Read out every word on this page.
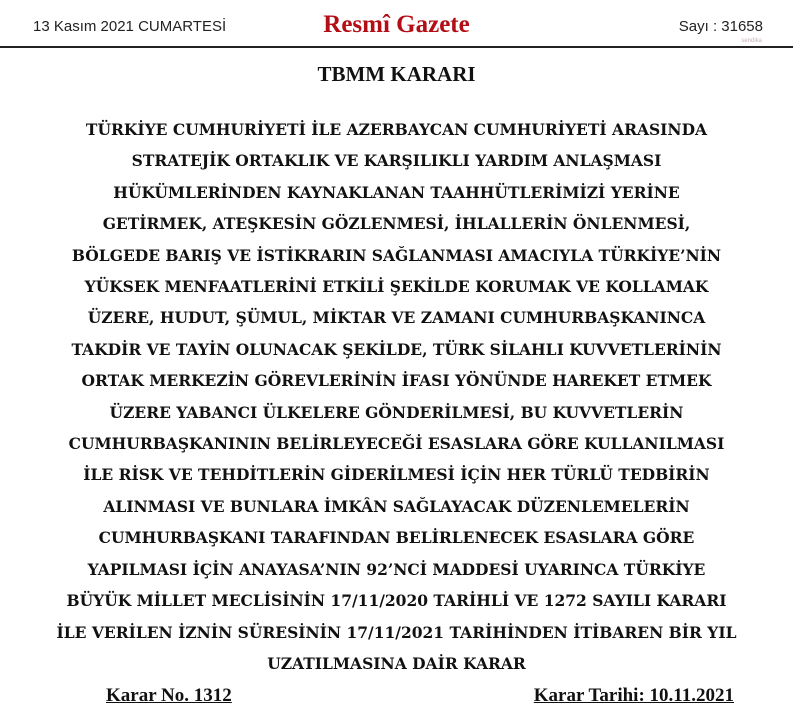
13 Kasım 2021 CUMARTESİ	Resmî Gazete	Sayı : 31658
sendika
TBMM KARARI

TÜRKİYE CUMHURİYETİ İLE AZERBAYCAN CUMHURİYETİ ARASINDA
STRATEJİK ORTAKLIK VE KARŞILIKLI YARDIM ANLAŞMASI
HÜKÜMLERİNDEN KAYNAKLANAN TAAHHÜTLERİMİZİ YERİNE
GETİRMEK, ATEŞKESİN GÖZLENMESİ, İHLALLERİN ÖNLENMESİ,
BÖLGEDE BARIŞ VE İSTİKRARIN SAĞLANMASI AMACIYLA TÜRKİYE’NİN
YÜKSEK MENFAATLERİNİ ETKİLİ ŞEKİLDE KORUMAK VE KOLLAMAK
ÜZERE, HUDUT, ŞÜMUL, MİKTAR VE ZAMANI CUMHURBAŞKANINCA
TAKDİR VE TAYİN OLUNACAK ŞEKİLDE, TÜRK SİLAHLI KUVVETLERİNİN
ORTAK MERKEZİN GÖREVLERİNİN İFASI YÖNÜNDE HAREKET ETMEK
ÜZERE YABANCI ÜLKELERE GÖNDERİLMESİ, BU KUVVETLERİN
CUMHURBAŞKANININ BELİRLEYECEĞİ ESASLARA GÖRE KULLANILMASI
İLE RİSK VE TEHDİTLERİN GİDERİLMESİ İÇİN HER TÜRLÜ TEDBİRİN
ALINMASI VE BUNLARA İMKÂN SAĞLAYACAK DÜZENLEMELERİN
CUMHURBAŞKANI TARAFINDAN BELİRLENECEK ESASLARA GÖRE
YAPILMASI İÇİN ANAYASA’NIN 92’NCİ MADDESİ UYARINCA TÜRKİYE
BÜYÜK MİLLET MECLİSİNİN 17/11/2020 TARİHLİ VE 1272 SAYILI KARARI
İLE VERİLEN İZNİN SÜRESİNİN 17/11/2021 TARİHİNDEN İTİBAREN BİR YIL
UZATILMASINA DAİR KARAR

Karar No. 1312	Karar Tarihi: 10.11.2021
